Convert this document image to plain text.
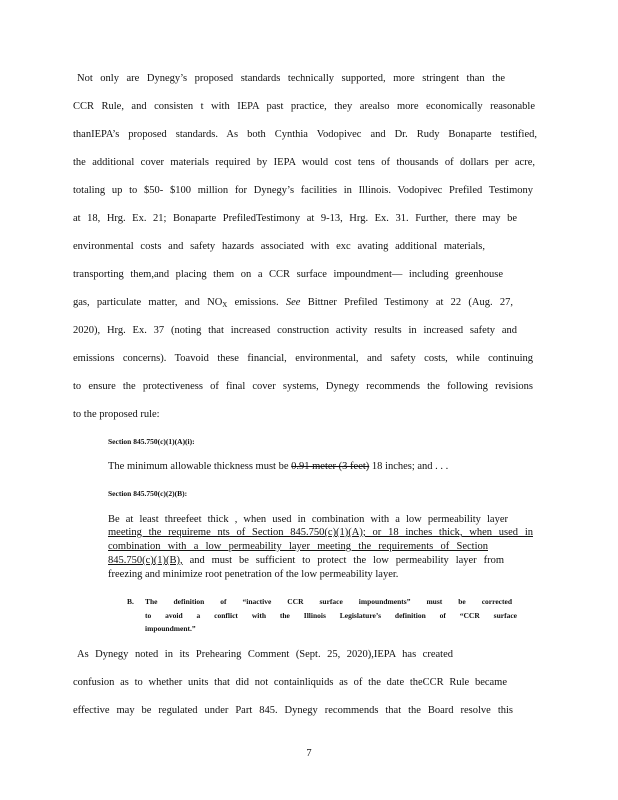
Not only are Dynegy’s proposed standards technically supported, more stringent than the
CCR Rule, and consisten t with IEPA past practice, they arealso more economically reasonable
thanIEPA’s proposed standards. As both Cynthia Vodopivec and Dr. Rudy Bonaparte testified,
the additional cover materials required by IEPA would cost tens of thousands of dollars per acre,
totaling up to $50- $100 million for Dynegy’s facilities in Illinois. Vodopivec Prefiled Testimony
at 18, Hrg. Ex. 21; Bonaparte PrefiledTestimony at 9-13, Hrg. Ex. 31. Further, there may be
environmental costs and safety hazards associated with exc avating additional materials,
transporting them,and placing them on a CCR surface impoundment— including greenhouse
gas, particulate matter, and NOX emissions. See Bittner Prefiled Testimony at 22 (Aug. 27,
2020), Hrg. Ex. 37 (noting that increased construction activity results in increased safety and
emissions concerns). Toavoid these financial, environmental, and safety costs, while continuing
to ensure the protectiveness of final cover systems, Dynegy recommends the following revisions
to the proposed rule:
Section 845.750(c)(1)(A)(i):
The minimum allowable thickness must be 0.91 meter (3 feet) 18 inches; and . . .
Section 845.750(c)(2)(B):
Be at least threefeet thick , when used in combination with a low permeability layer
meeting the requireme nts of Section 845.750(c)(1)(A); or 18 inches thick, when used in
combination with a low permeability layer meeting the requirements of Section
845.750(c)(1)(B), and must be sufficient to protect the low permeability layer from
freezing and minimize root penetration of the low permeability layer.
B. The definition of “inactive CCR surface impoundments” must be corrected
to avoid a conflict with the Illinois Legislature’s definition of “CCR surface
impoundment.”
As Dynegy noted in its Prehearing Comment (Sept. 25, 2020),IEPA has created
confusion as to whether units that did not containliquids as of the date theCCR Rule became
effective may be regulated under Part 845. Dynegy recommends that the Board resolve this
7
